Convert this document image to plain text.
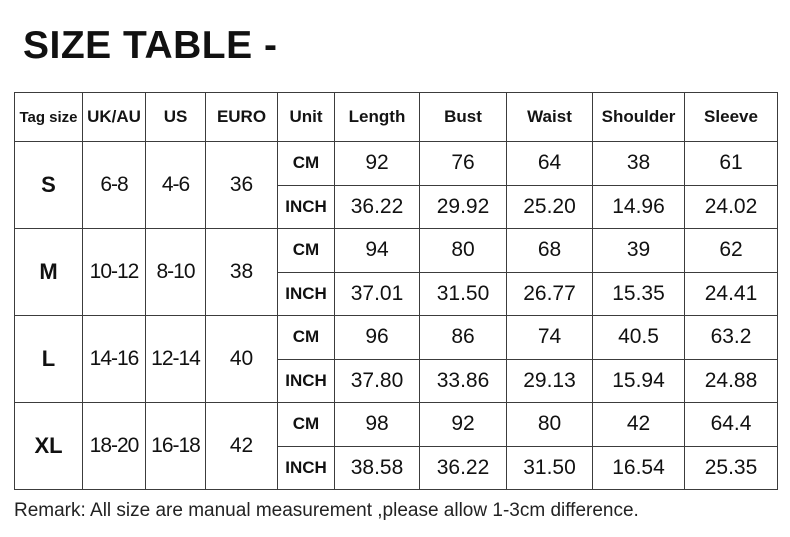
SIZE TABLE -
Tag size	UK/AU	US	EURO	Unit	Length	Bust	Waist	Shoulder	Sleeve
S	6-8	4-6	36	CM	92	76	64	38	61
				INCH	36.22	29.92	25.20	14.96	24.02
M	10-12	8-10	38	CM	94	80	68	39	62
				INCH	37.01	31.50	26.77	15.35	24.41
L	14-16	12-14	40	CM	96	86	74	40.5	63.2
				INCH	37.80	33.86	29.13	15.94	24.88
XL	18-20	16-18	42	CM	98	92	80	42	64.4
				INCH	38.58	36.22	31.50	16.54	25.35

Remark: All size are manual measurement ,please allow 1-3cm difference.
